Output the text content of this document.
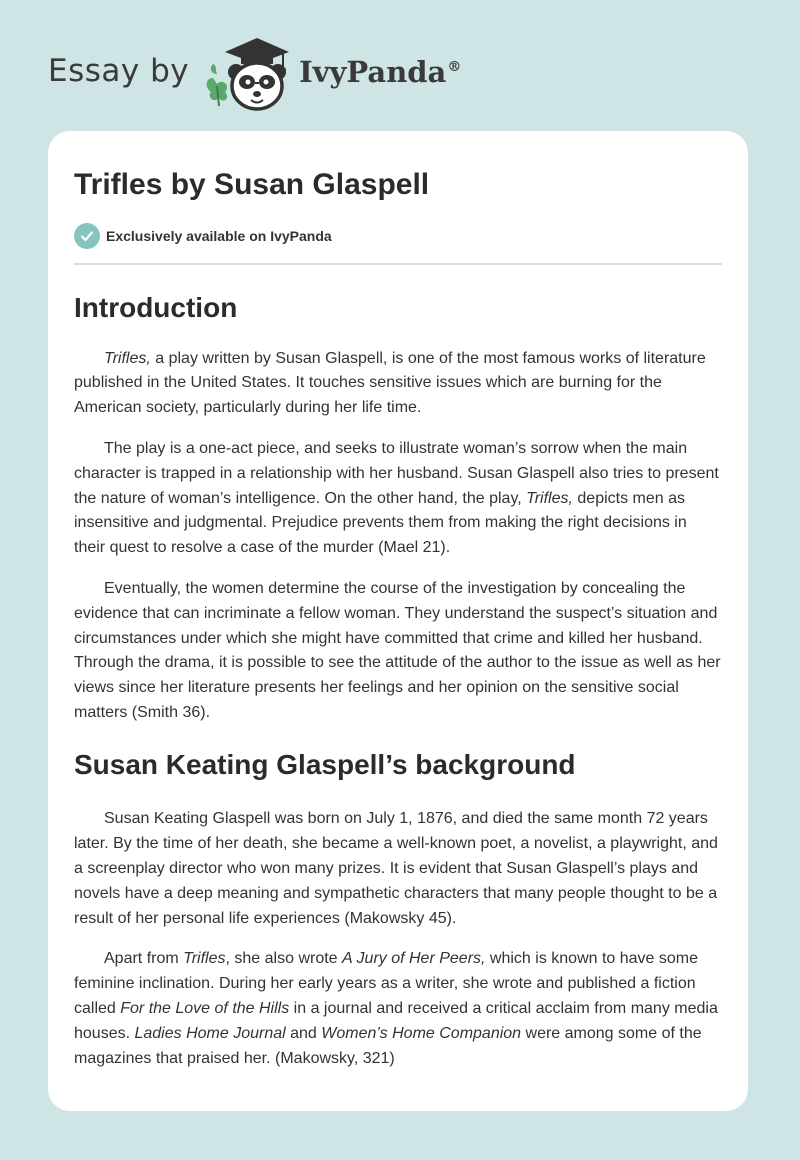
Essay by	IvyPanda®
Trifles by Susan Glaspell
Exclusively available on IvyPanda
Introduction

Trifles, a play written by Susan Glaspell, is one of the most famous works of literature published in the United States. It touches sensitive issues which are burning for the American society, particularly during her life time.

The play is a one-act piece, and seeks to illustrate woman’s sorrow when the main character is trapped in a relationship with her husband. Susan Glaspell also tries to present the nature of woman’s intelligence. On the other hand, the play, Trifles, depicts men as insensitive and judgmental. Prejudice prevents them from making the right decisions in their quest to resolve a case of the murder (Mael 21).

Eventually, the women determine the course of the investigation by concealing the evidence that can incriminate a fellow woman. They understand the suspect’s situation and circumstances under which she might have committed that crime and killed her husband. Through the drama, it is possible to see the attitude of the author to the issue as well as her views since her literature presents her feelings and her opinion on the sensitive social matters (Smith 36).

Susan Keating Glaspell’s background

Susan Keating Glaspell was born on July 1, 1876, and died the same month 72 years later. By the time of her death, she became a well-known poet, a novelist, a playwright, and a screenplay director who won many prizes. It is evident that Susan Glaspell’s plays and novels have a deep meaning and sympathetic characters that many people thought to be a result of her personal life experiences (Makowsky 45).

Apart from Trifles, she also wrote A Jury of Her Peers, which is known to have some feminine inclination. During her early years as a writer, she wrote and published a fiction called For the Love of the Hills in a journal and received a critical acclaim from many media houses. Ladies Home Journal and Women’s Home Companion were among some of the magazines that praised her. (Makowsky, 321)
